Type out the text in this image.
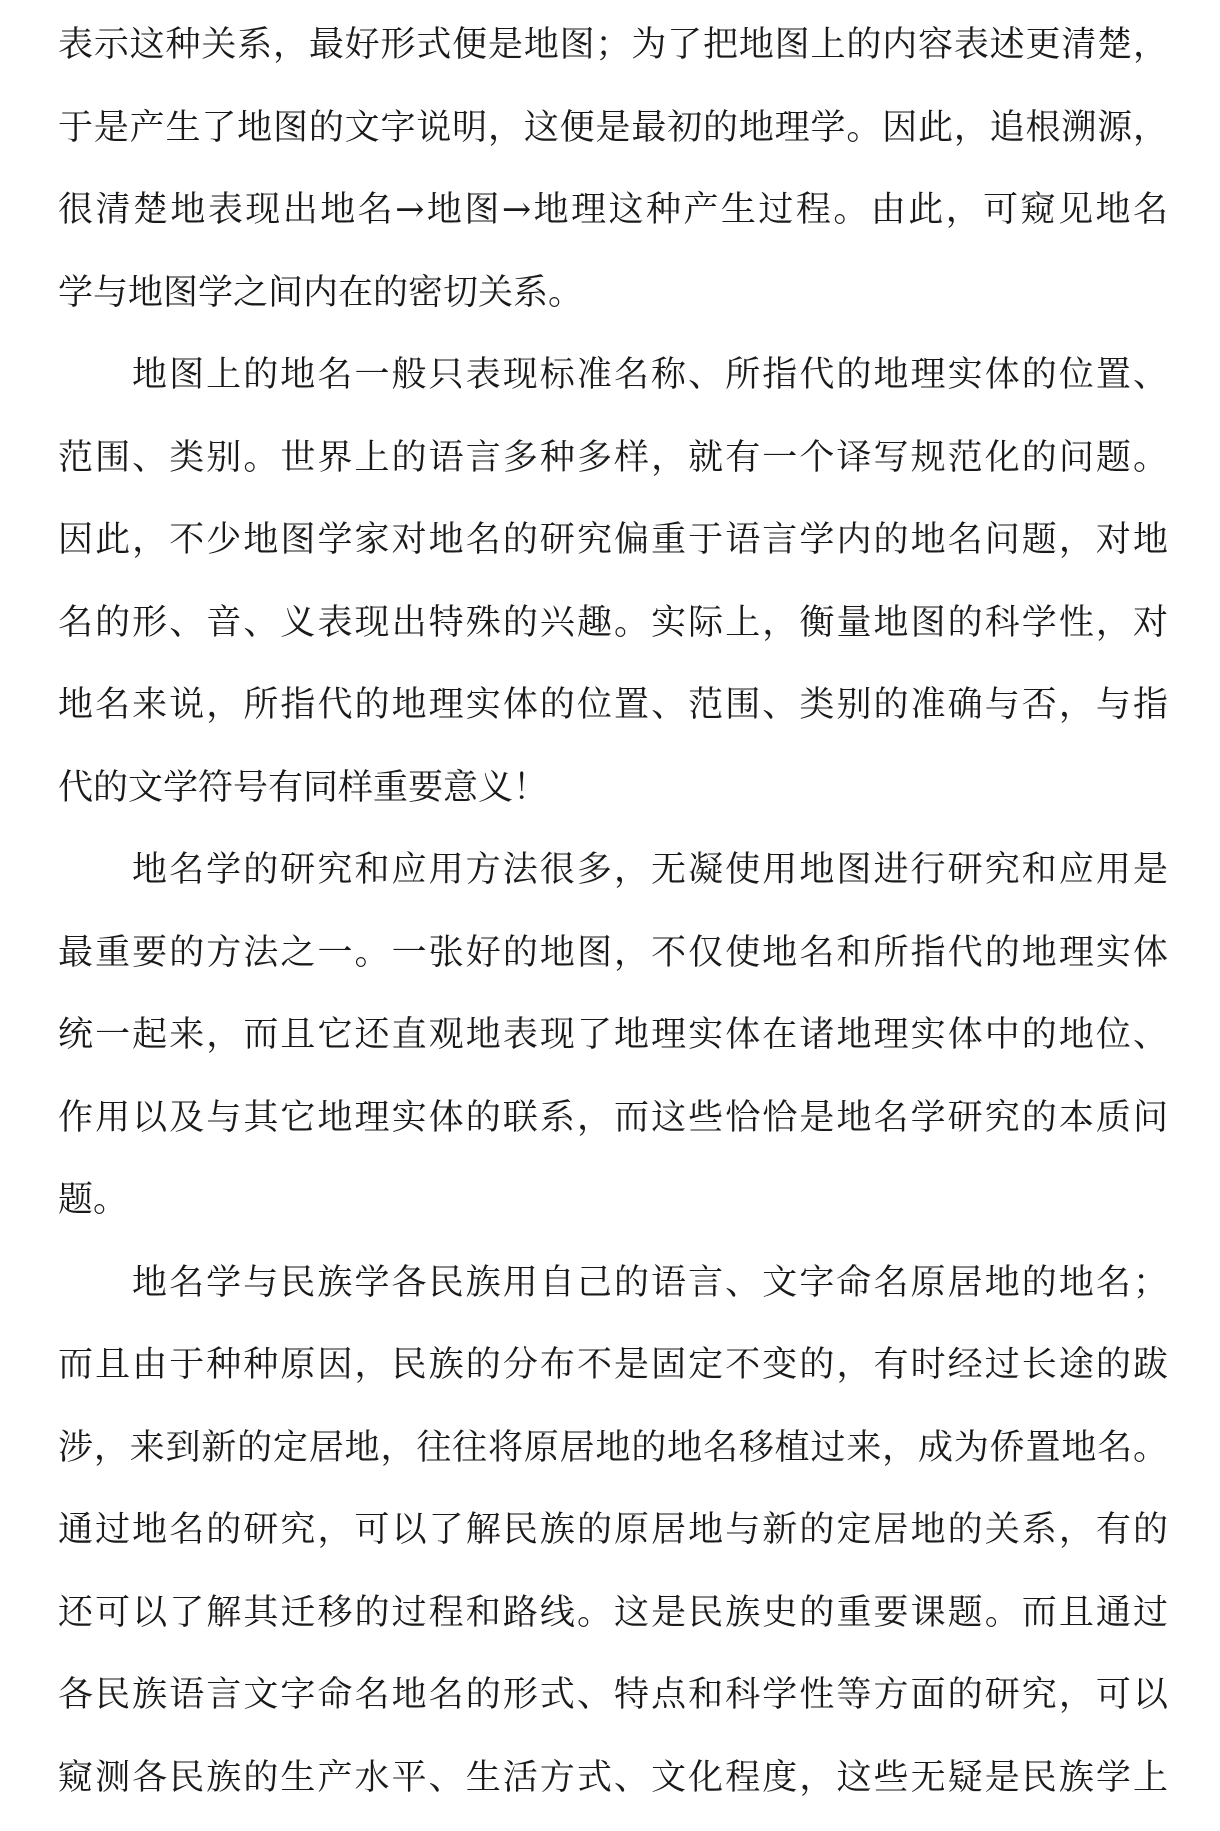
表示这种关系，最好形式便是地图；为了把地图上的内容表述更清楚，
于是产生了地图的文字说明，这便是最初的地理学。因此，追根溯源，
很清楚地表现出地名→地图→地理这种产生过程。由此，可窥见地名
学与地图学之间内在的密切关系。
地图上的地名一般只表现标准名称、所指代的地理实体的位置、
范围、类别。世界上的语言多种多样，就有一个译写规范化的问题。
因此，不少地图学家对地名的研究偏重于语言学内的地名问题，对地
名的形、音、义表现出特殊的兴趣。实际上，衡量地图的科学性，对
地名来说，所指代的地理实体的位置、范围、类别的准确与否，与指
代的文学符号有同样重要意义！
地名学的研究和应用方法很多，无凝使用地图进行研究和应用是
最重要的方法之一。一张好的地图，不仅使地名和所指代的地理实体
统一起来，而且它还直观地表现了地理实体在诸地理实体中的地位、
作用以及与其它地理实体的联系，而这些恰恰是地名学研究的本质问
题。
地名学与民族学各民族用自己的语言、文字命名原居地的地名；
而且由于种种原因，民族的分布不是固定不变的，有时经过长途的跋
涉，来到新的定居地，往往将原居地的地名移植过来，成为侨置地名。
通过地名的研究，可以了解民族的原居地与新的定居地的关系，有的
还可以了解其迁移的过程和路线。这是民族史的重要课题。而且通过
各民族语言文字命名地名的形式、特点和科学性等方面的研究，可以
窥测各民族的生产水平、生活方式、文化程度，这些无疑是民族学上
